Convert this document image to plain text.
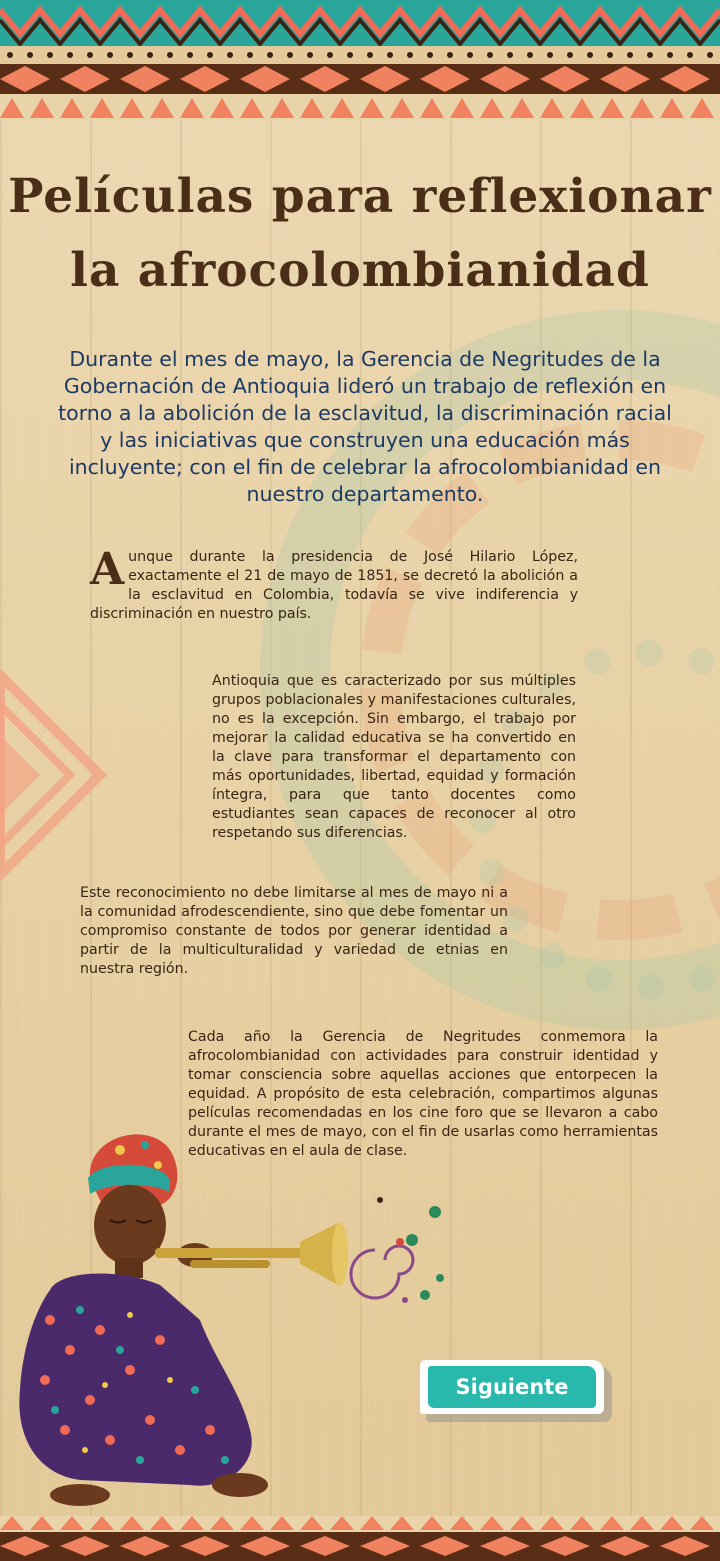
Películas para reflexionar
la afrocolombianidad

Durante el mes de mayo, la Gerencia de Negritudes de la Gobernación de Antioquia lideró un trabajo de reflexión en torno a la abolición de la esclavitud, la discriminación racial y las iniciativas que construyen una educación más incluyente; con el fin de celebrar la afrocolombianidad en nuestro departamento.

A unque durante la presidencia de José Hilario López, exactamente el 21 de mayo de 1851, se decretó la abolición a la esclavitud en Colombia, todavía se vive indiferencia y discriminación en nuestro país.

Antioquia que es caracterizado por sus múltiples grupos poblacionales y manifestaciones culturales, no es la excepción. Sin embargo, el trabajo por mejorar la calidad educativa se ha convertido en la clave para transformar el departamento con más oportunidades, libertad, equidad y formación íntegra, para que tanto docentes como estudiantes sean capaces de reconocer al otro respetando sus diferencias.

Este reconocimiento no debe limitarse al mes de mayo ni a la comunidad afrodescendiente, sino que debe fomentar un compromiso constante de todos por generar identidad a partir de la multiculturalidad y variedad de etnias en nuestra región.

Cada año la Gerencia de Negritudes conmemora la afrocolombianidad con actividades para construir identidad y tomar consciencia sobre aquellas acciones que entorpecen la equidad. A propósito de esta celebración, compartimos algunas películas recomendadas en los cine foro que se llevaron a cabo durante el mes de mayo, con el fin de usarlas como herramientas educativas en el aula de clase.

Siguiente
